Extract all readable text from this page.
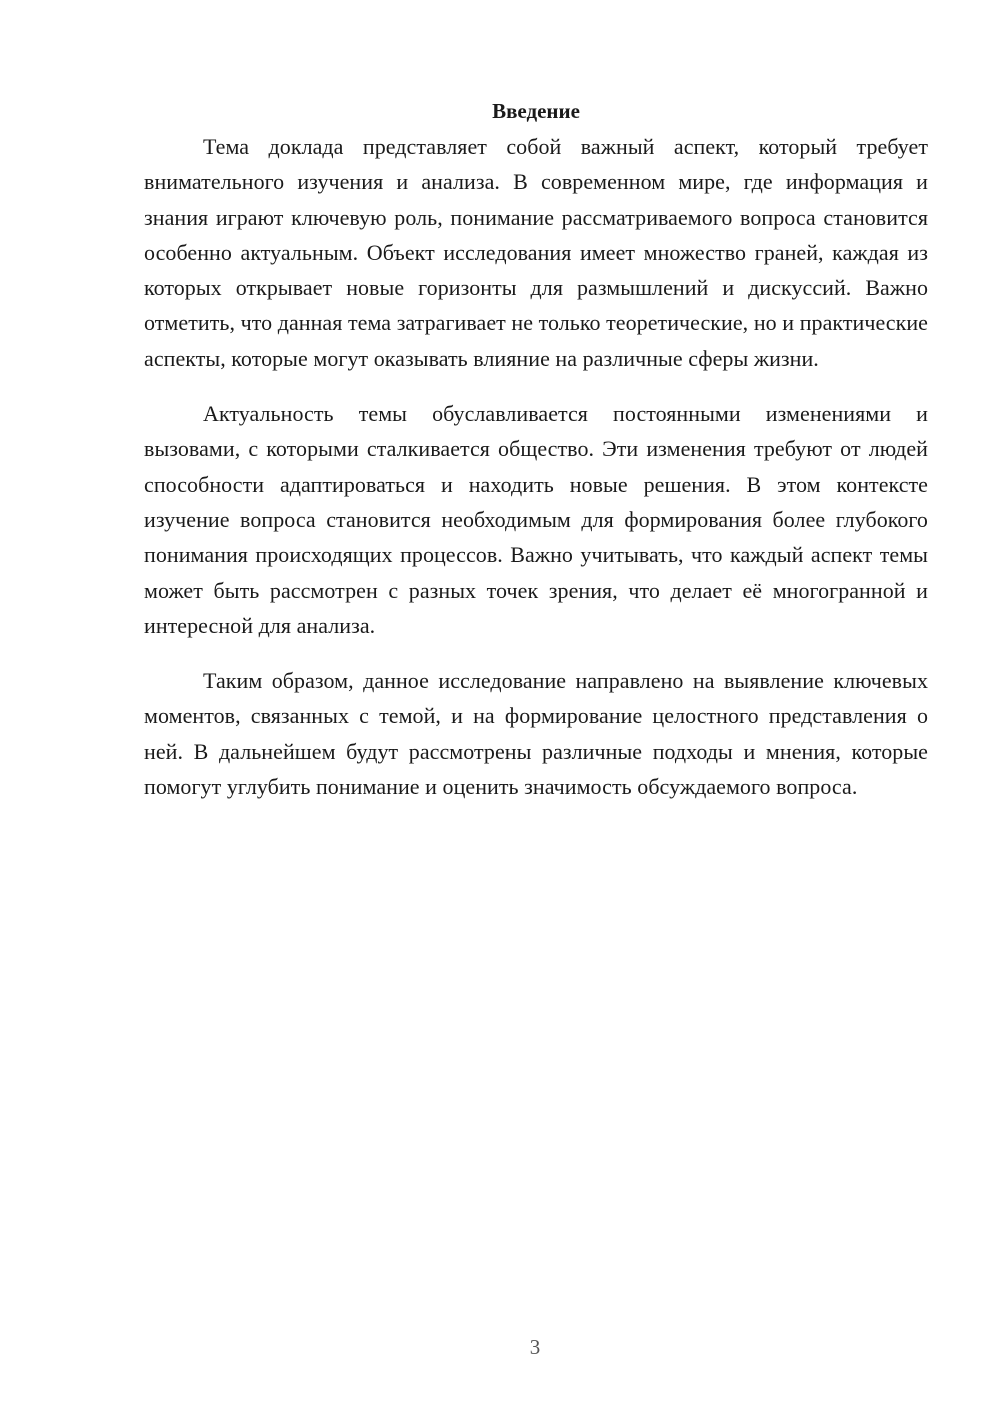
Введение

Тема доклада представляет собой важный аспект, который требует внимательного изучения и анализа. В современном мире, где информация и знания играют ключевую роль, понимание рассматриваемого вопроса становится особенно актуальным. Объект исследования имеет множество граней, каждая из которых открывает новые горизонты для размышлений и дискуссий. Важно отметить, что данная тема затрагивает не только теоретические, но и практические аспекты, которые могут оказывать влияние на различные сферы жизни.

Актуальность темы обуславливается постоянными изменениями и вызовами, с которыми сталкивается общество. Эти изменения требуют от людей способности адаптироваться и находить новые решения. В этом контексте изучение вопроса становится необходимым для формирования более глубокого понимания происходящих процессов. Важно учитывать, что каждый аспект темы может быть рассмотрен с разных точек зрения, что делает её многогранной и интересной для анализа.

Таким образом, данное исследование направлено на выявление ключевых моментов, связанных с темой, и на формирование целостного представления о ней. В дальнейшем будут рассмотрены различные подходы и мнения, которые помогут углубить понимание и оценить значимость обсуждаемого вопроса.

3
